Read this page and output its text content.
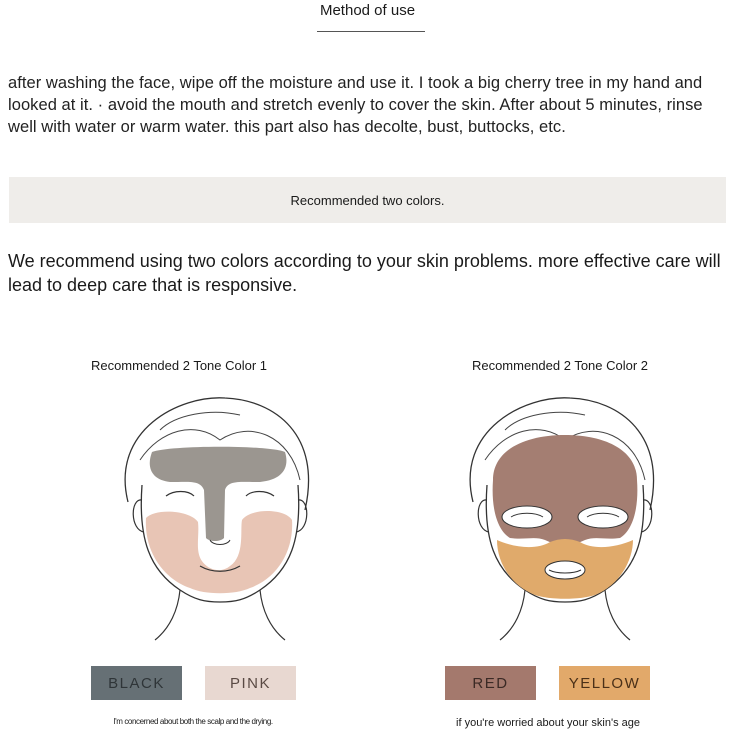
Method of use
after washing the face, wipe off the moisture and use it. I took a big cherry tree in my hand and looked at it. · avoid the mouth and stretch evenly to cover the skin. After about 5 minutes, rinse well with water or warm water. this part also has decolte, bust, buttocks, etc.
Recommended two colors.
We recommend using two colors according to your skin problems. more effective care will lead to deep care that is responsive.
Recommended 2 Tone Color 1
BLACK	PINK
I'm concerned about both the scalp and the drying.
Recommended 2 Tone Color 2
RED	YELLOW
if you're worried about your skin's age
